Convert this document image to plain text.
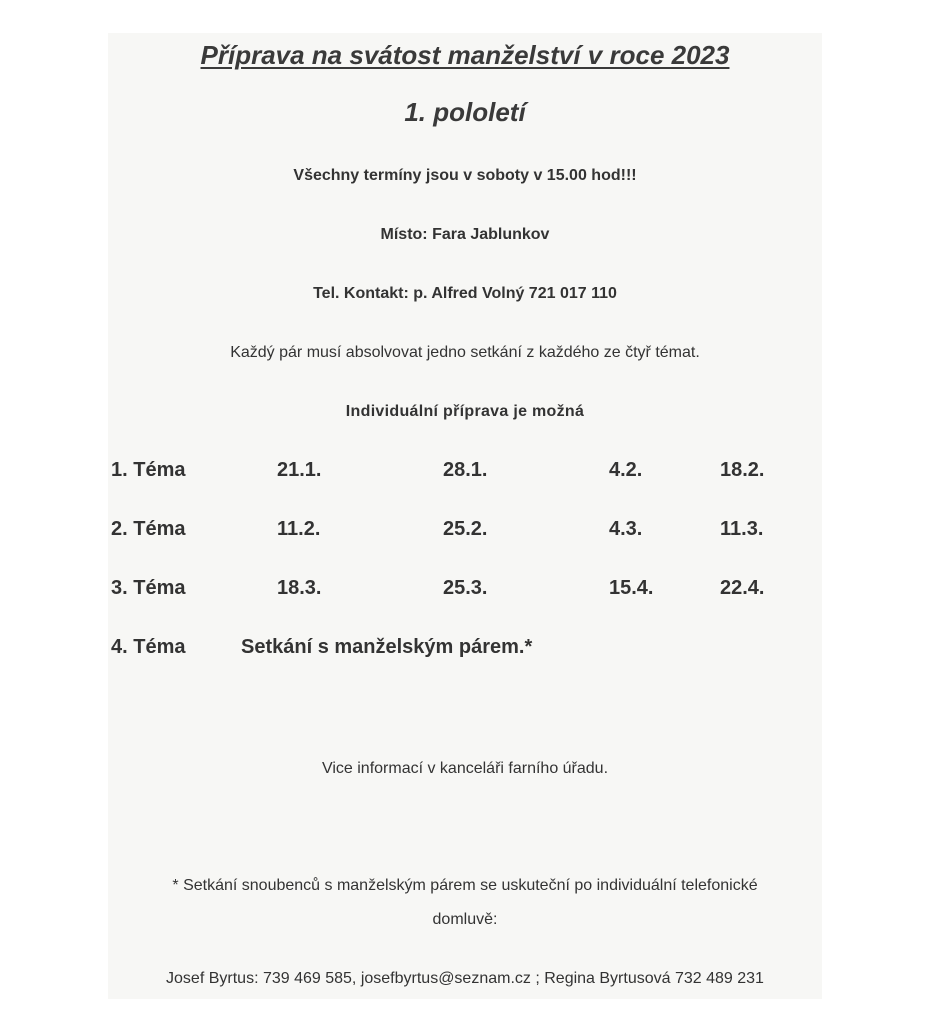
Příprava na svátost manželství v roce 2023
1. pololetí
Všechny termíny jsou v soboty v 15.00 hod!!!
Místo: Fara Jablunkov
Tel. Kontakt: p. Alfred Volný 721 017 110
Každý pár musí absolvovat jedno setkání z každého ze čtyř témat.
Individuální příprava je možná
1. Téma	21.1.	28.1.	4.2.	18.2.
2. Téma	11.2.	25.2.	4.3.	11.3.
3. Téma	18.3.	25.3.	15.4.	22.4.
4. Téma	Setkání s manželským párem.*
Vice informací v kanceláři farního úřadu.
* Setkání snoubenců s manželským párem se uskuteční po individuální telefonické
domluvě:
Josef Byrtus: 739 469 585, josefbyrtus@seznam.cz ; Regina Byrtusová 732 489 231
